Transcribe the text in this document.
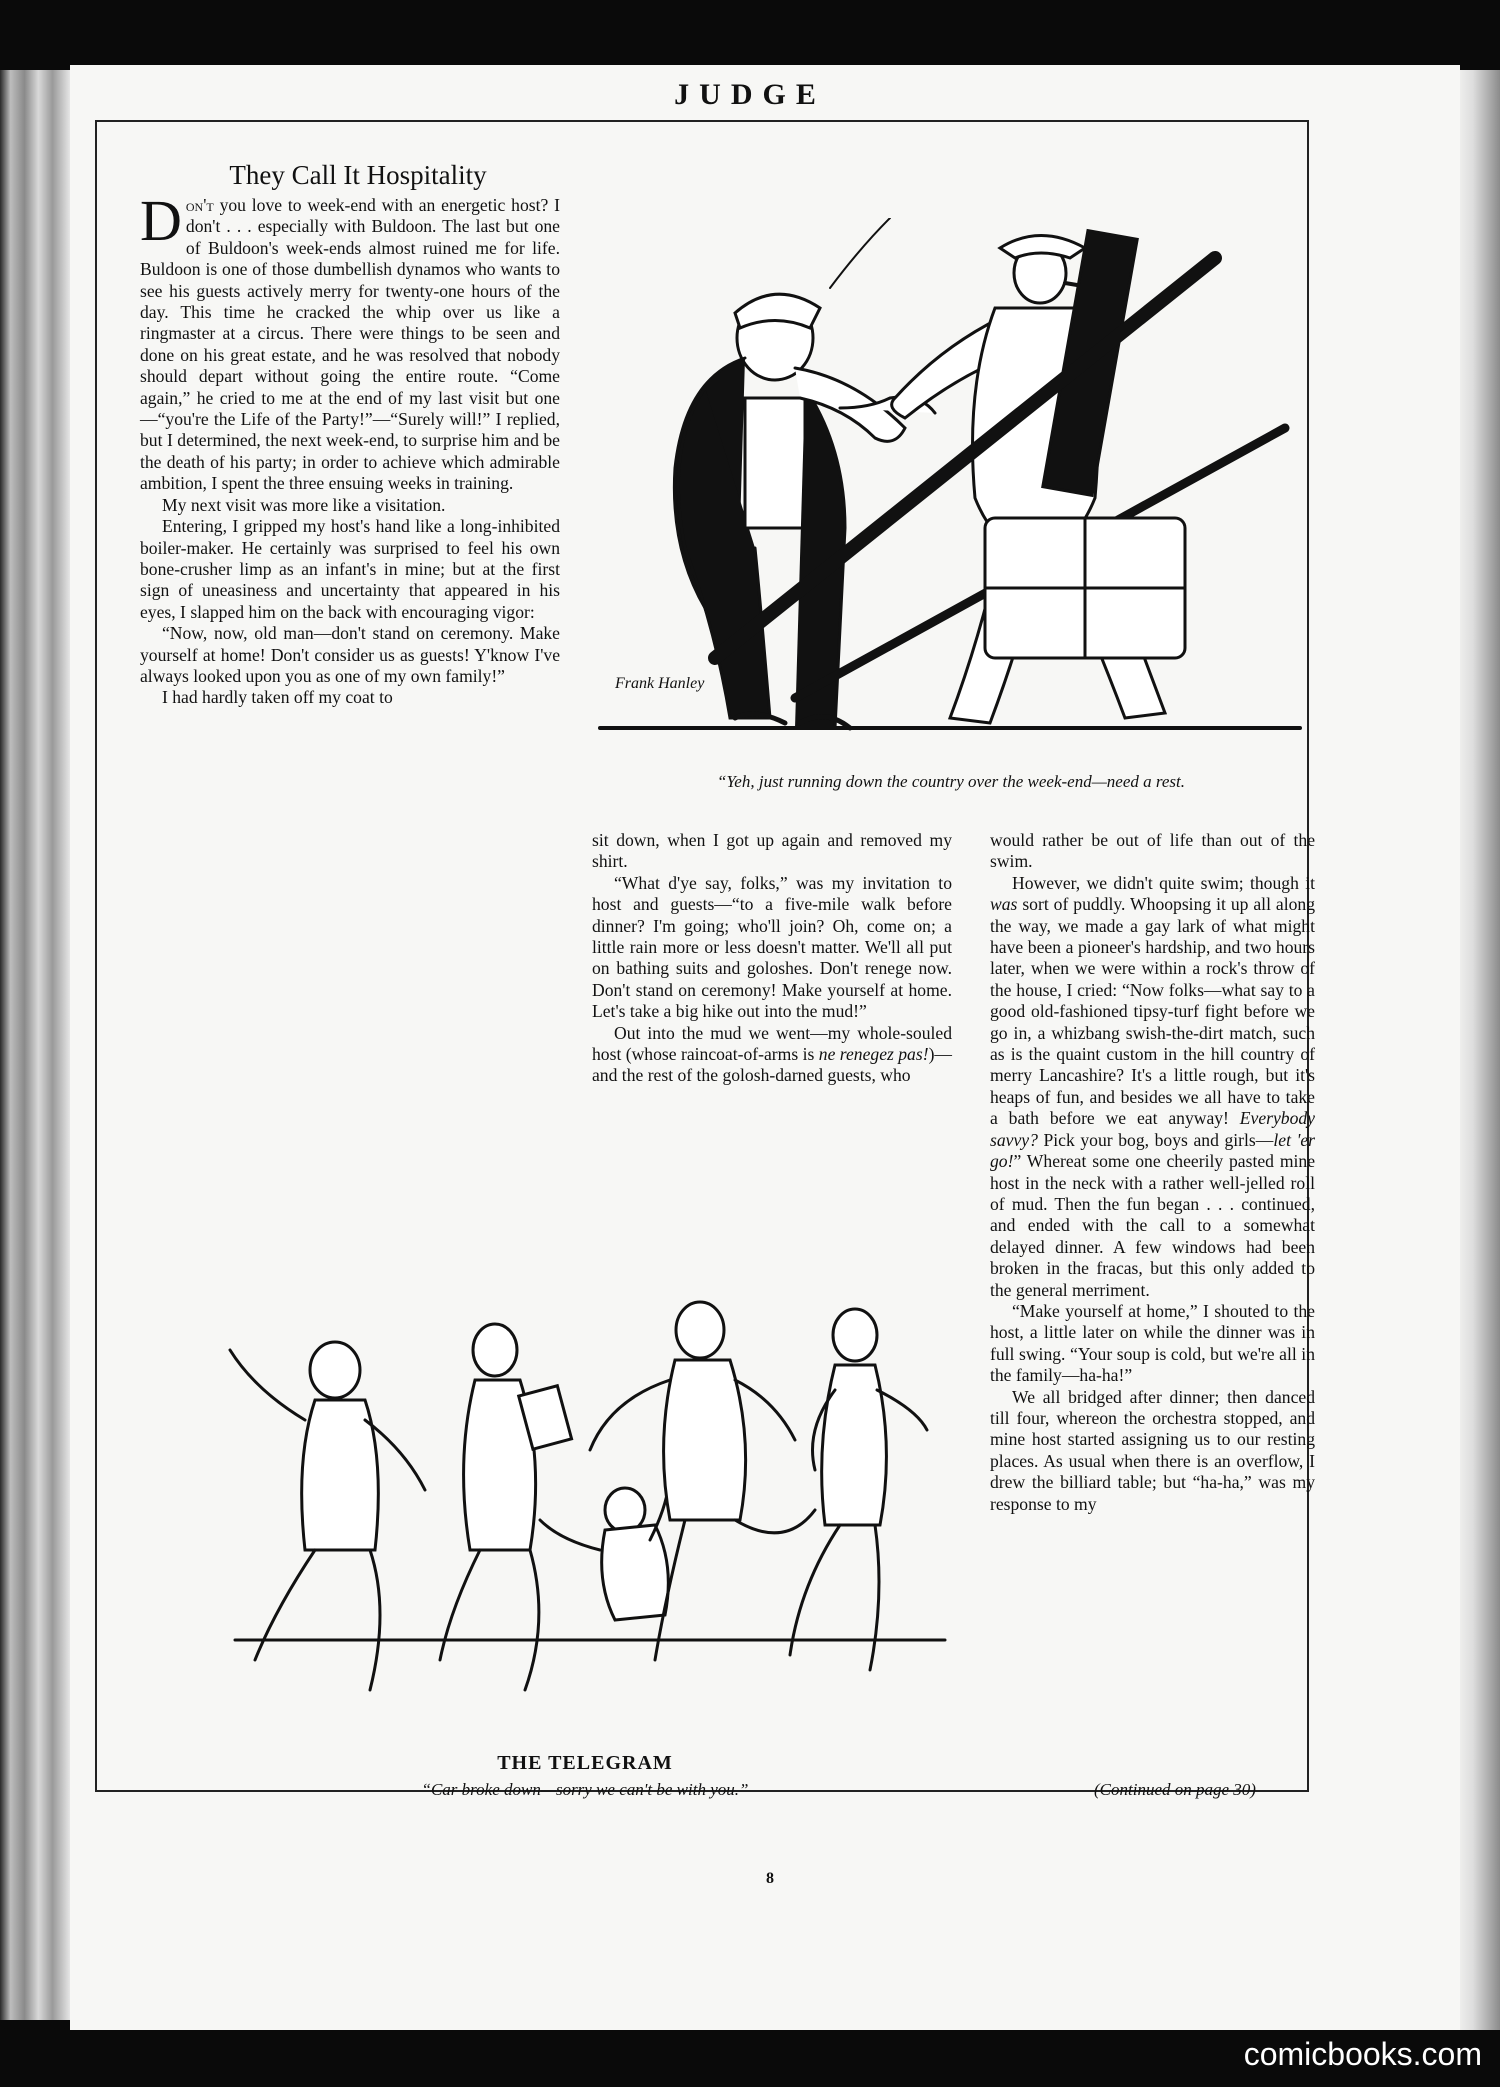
JUDGE
They Call It Hospitality

Don't you love to week-end with an energetic host? I don't . . . especially with Buldoon. The last but one of Buldoon's week-ends almost ruined me for life. Buldoon is one of those dumbellish dynamos who wants to see his guests actively merry for twenty-one hours of the day. This time he cracked the whip over us like a ringmaster at a circus. There were things to be seen and done on his great estate, and he was resolved that nobody should depart without going the entire route. “Come again,” he cried to me at the end of my last visit but one—“you're the Life of the Party!”—“Surely will!” I replied, but I determined, the next week-end, to surprise him and be the death of his party; in order to achieve which admirable ambition, I spent the three ensuing weeks in training.

My next visit was more like a visitation.

Entering, I gripped my host's hand like a long-inhibited boiler-maker. He certainly was surprised to feel his own bone-crusher limp as an infant's in mine; but at the first sign of uneasiness and uncertainty that appeared in his eyes, I slapped him on the back with encouraging vigor:

“Now, now, old man—don't stand on ceremony. Make yourself at home! Don't consider us as guests! Y'know I've always looked upon you as one of my own family!”

I had hardly taken off my coat to

sit down, when I got up again and removed my shirt.

“What d'ye say, folks,” was my invitation to host and guests—“to a five-mile walk before dinner? I'm going; who'll join? Oh, come on; a little rain more or less doesn't matter. We'll all put on bathing suits and goloshes. Don't renege now. Don't stand on ceremony! Make yourself at home. Let's take a big hike out into the mud!”

Out into the mud we went—my whole-souled host (whose raincoat-of-arms is ne renegez pas!)—and the rest of the golosh-darned guests, who

would rather be out of life than out of the swim.

However, we didn't quite swim; though it was sort of puddly. Whoopsing it up all along the way, we made a gay lark of what might have been a pioneer's hardship, and two hours later, when we were within a rock's throw of the house, I cried: “Now folks—what say to a good old-fashioned tipsy-turf fight before we go in, a whizbang swish-the-dirt match, such as is the quaint custom in the hill country of merry Lancashire? It's a little rough, but it's heaps of fun, and besides we all have to take a bath before we eat anyway! Everybody savvy? Pick your bog, boys and girls—let 'er go!” Whereat some one cheerily pasted mine host in the neck with a rather well-jelled roll of mud. Then the fun began . . . continued, and ended with the call to a somewhat delayed dinner. A few windows had been broken in the fracas, but this only added to the general merriment.

“Make yourself at home,” I shouted to the host, a little later on while the dinner was in full swing. “Your soup is cold, but we're all in the family—ha-ha!”

We all bridged after dinner; then danced till four, whereon the orchestra stopped, and mine host started assigning us to our resting places. As usual when there is an overflow, I drew the billiard table; but “ha-ha,” was my response to my

Frank Hanley
“Yeh, just running down the country over the week-end—need a rest.
THE TELEGRAM
“Car broke down—sorry we can't be with you.”	(Continued on page 30)
8
comicbooks.com
